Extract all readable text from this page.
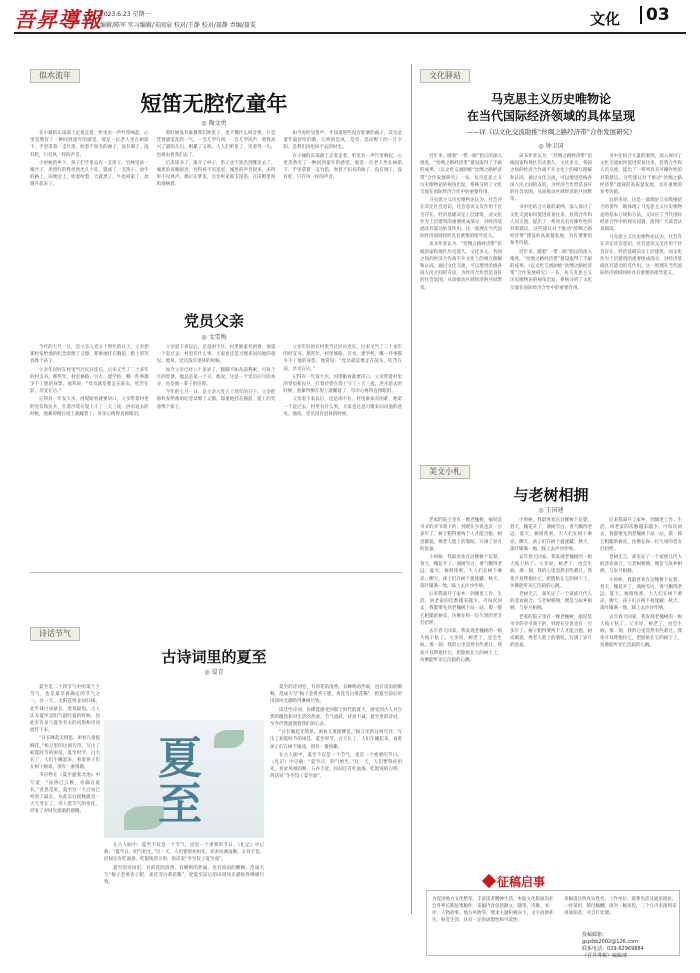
吾昇導報
2023.6.23 星期一
编辑/陈军 实习编辑/宋雨宸 校对/王静 校对/聂静 责编/聂雯	文化	03
似水流年
短笛无腔忆童年
◎ 陶文勇

在小城的东南部上走着走着，听见有一声竹笛响起，心里忽然有了一种回到童年的感觉。那是一位老人坐在树荫下，手里拿着一支竹笛，吹着不知名的曲子，没有调子，没有腔，只有风一样的声音。

小时候的乡下，孩子们手里总有一支笛子。竹林里砍一根竹子，用烧红的铁丝烫出几个孔，就成了一支笛子。放牛的路上，田埂边上，吹着吹着，天就黑了，牛也回家了，炊烟升起来了。

那时候没有谁教我们吹笛子，也不懂什么叫音律，只是凭着感觉乱吹一气，一会儿学鸟叫，一会儿学风声，吹得高兴了就唱几句，唱累了又吹。大人们听见了，笑着骂一句，也就由着我们去了。

后来读书了，离开了村子，笛子也不知丢到哪里去了。城里的夜晚很亮，亮得看不见星星；城里的声音很多，多得听不见风声。偶尔在梦里，还会听见那支短笛，在田野里呜呜地响着。

如今再听见笛声，才知道那些没有腔调的曲子，其实是童年最好听的歌。它吹的是风，是草，是田野上的一片夕阳，是我们再也回不去的时光。

在小城的东南部上走着走着，听见有一声竹笛响起，心里忽然有了一种回到童年的感觉。那是一位老人坐在树荫下，手里拿着一支竹笛，吹着不知名的曲子，没有调子，没有腔，只有风一样的声音。

党员父亲
◎ 文雪梅

今年的七月一日，是父亲入党五十周年的日子。父亲把那枚发给他的纪念章擦了又擦，郑重地挂在胸前，脸上的笑容像个孩子。

父亲年轻时在村里当过民兵连长，后来又当了二十多年的村支书。那些年，村里修路、引水、建学校，哪一件事都少不了他的身影。他常说：“党员就是要走在前头，吃苦在前，享受在后。”

记得有一年发大水，河堤眼看就要决口，父亲带着村里的党员和民兵，扛着沙袋在堤上守了三天三夜。洪水退去的时候，他累得倒在堤上就睡着了，母亲心疼得直掉眼泪。

父亲退下来以后，还是闲不住。村里谁家有困难，他第一个赶过去；村里有什么事，大家也还是习惯来问问他的意见。他说，党员没有退休的时候。

如今父亲已经八十多岁了，腿脚不如从前利索，可每个月的党费，他总是第一个交。他说，这是一个党员应尽的本分，也是他一辈子的信仰。

今年的七月一日，是父亲入党五十周年的日子。父亲把那枚发给他的纪念章擦了又擦，郑重地挂在胸前，脸上的笑容像个孩子。

父亲年轻时在村里当过民兵连长，后来又当了二十多年的村支书。那些年，村里修路、引水、建学校，哪一件事都少不了他的身影。他常说：“党员就是要走在前头，吃苦在前，享受在后。”

记得有一年发大水，河堤眼看就要决口，父亲带着村里的党员和民兵，扛着沙袋在堤上守了三天三夜。洪水退去的时候，他累得倒在堤上就睡着了，母亲心疼得直掉眼泪。

父亲退下来以后，还是闲不住。村里谁家有困难，他第一个赶过去；村里有什么事，大家也还是习惯来问问他的意见。他说，党员没有退休的时候。

诗话节气
古诗词里的夏至
◎ 晏青

夏至是二十四节气中的第十个节气，也是最早被确定的节气之一。这一天，太阳直射北回归线，北半球白昼最长，黑夜最短。古人认为夏至是阳气最旺盛的时候，因此有许多与夏至有关的风俗和诗词流传下来。

“日长睡起无情思，闲看儿童捉柳花。”杨万里的这两句诗，写出了初夏时节的闲适。夏至时节，白天长了，人们午睡起来，看着孩子们在树下嬉戏，别有一番情趣。

韦应物在《夏至避暑北池》中写道：“昼晷已云极，宵漏自此长。”意思是说，夏至这一天白昼已经到了最长，从此以后夜晚就会一天天变长了。诗人借节气的变化，抒发了对时光流逝的感慨。

夏至

在古人眼中，夏至不仅是一个节气，也是一个重要的节日。《礼记》中记载：“夏至日，阴气始生。”这一天，人们要祭祀祖先，祈求风调雨顺、五谷丰登。民间还有吃面条、吃馄饨的习俗，俗话说“冬至饺子夏至面”。

夏至的诗词里，有荷花的清香，有蝉鸣的热闹，也有雷雨的酣畅。范成大写“梅子金黄杏子肥，麦花雪白菜花稀”，把夏至前后的田园风光描绘得淋漓尽致。

夏至的诗词里，有荷花的清香，有蝉鸣的热闹，也有雷雨的酣畅。范成大写“梅子金黄杏子肥，麦花雪白菜花稀”，把夏至前后的田园风光描绘得淋漓尽致。

读这些诗词，仿佛能感受到那个时代的夏天，感受到古人对自然的敬畏和对生活的热爱。节气流转，诗意不减，夏至里的诗词，至今仍然滋润着我们的心灵。

“日长睡起无情思，闲看儿童捉柳花。”杨万里的这两句诗，写出了初夏时节的闲适。夏至时节，白天长了，人们午睡起来，看着孩子们在树下嬉戏，别有一番情趣。

在古人眼中，夏至不仅是一个节气，也是一个重要的节日。《礼记》中记载：“夏至日，阴气始生。”这一天，人们要祭祀祖先，祈求风调雨顺、五谷丰登。民间还有吃面条、吃馄饨的习俗，俗话说“冬至饺子夏至面”。

文化驿站
马克思主义历史唯物论
在当代国际经济领域的具体呈现
——评《以文化交流助推“丝绸之路经济带”合作发展研究》
◎ 钟卫国

近年来，随着“一带一路”倡议的深入推进，“丝绸之路经济带”建设取得了丰硕的成果。《以文化交流助推“丝绸之路经济带”合作发展研究》一书，从马克思主义历史唯物论的视角出发，系统分析了文化交流在国际经济合作中的重要作用。

马克思主义历史唯物论认为，社会存在决定社会意识，社会意识又反作用于社会存在。经济基础决定上层建筑，而文化作为上层建筑的重要组成部分，对经济基础具有能动的反作用。这一原理在当代国际经济领域同样具有重要的指导意义。

该书作者认为，“丝绸之路经济带”沿线国家和地区历史悠久、文化多元，各国之间的经济合作离不开文化上的相互理解和认同。通过文化交流，可以增进沿线各国人民之间的友谊，为经济合作营造良好的社会氛围，从而推动区域经济的共同繁荣。

该书作者认为，“丝绸之路经济带”沿线国家和地区历史悠久、文化多元，各国之间的经济合作离不开文化上的相互理解和认同。通过文化交流，可以增进沿线各国人民之间的友谊，为经济合作营造良好的社会氛围，从而推动区域经济的共同繁荣。

书中还结合大量的案例，深入探讨了文化交流如何促进贸易往来、投资合作和人员交流，提出了一系列具有可操作性的对策建议。这些建议对于推动“丝绸之路经济带”建设的高质量发展，具有重要的参考价值。

近年来，随着“一带一路”倡议的深入推进，“丝绸之路经济带”建设取得了丰硕的成果。《以文化交流助推“丝绸之路经济带”合作发展研究》一书，从马克思主义历史唯物论的视角出发，系统分析了文化交流在国际经济合作中的重要作用。

书中还结合大量的案例，深入探讨了文化交流如何促进贸易往来、投资合作和人员交流，提出了一系列具有可操作性的对策建议。这些建议对于推动“丝绸之路经济带”建设的高质量发展，具有重要的参考价值。

总的来说，这是一部理论与实践相结合的著作，既体现了马克思主义历史唯物论的基本立场和方法，又回应了当代国际经济合作中的现实问题，值得广大读者认真阅读。

马克思主义历史唯物论认为，社会存在决定社会意识，社会意识又反作用于社会存在。经济基础决定上层建筑，而文化作为上层建筑的重要组成部分，对经济基础具有能动的反作用。这一原理在当代国际经济领域同样具有重要的指导意义。

美文小札
与老树相拥
◎ 王国建

老家的院子里有一棵老槐树，据说是爷爷的爷爷栽下的，到现在少说也有一百多年了。树干粗得要两个人才能合抱，树皮皴裂，像老人脸上的皱纹，写满了岁月的沧桑。

小时候，我最喜欢在这棵树下玩耍。春天，槐花开了，满树雪白，香气飘得老远；夏天，树荫浓密，大人们在树下乘凉、聊天，孩子们在树下捉迷藏；秋天，落叶铺满一地，踩上去沙沙作响。

后来我离开了家乡，到城里工作、生活，回老家的次数越来越少。可每次回去，我都要先到老槐树下站一站，摸一摸它粗糙的树皮，仿佛在和一位久别的老友打招呼。

去年春天回家，我发现老槐树的一根大枝干枯了。父亲说，树老了，也会生病。那一刻，我的心里忽然有些难过。我张开双臂抱住它，把脸贴在它的树干上，仿佛能听见它沉稳的心跳。

小时候，我最喜欢在这棵树下玩耍。春天，槐花开了，满树雪白，香气飘得老远；夏天，树荫浓密，大人们在树下乘凉、聊天，孩子们在树下捉迷藏；秋天，落叶铺满一地，踩上去沙沙作响。

去年春天回家，我发现老槐树的一根大枝干枯了。父亲说，树老了，也会生病。那一刻，我的心里忽然有些难过。我张开双臂抱住它，把脸贴在它的树干上，仿佛能听见它沉稳的心跳。

老树无言，却见证了一个家族几代人的悲欢离合。与老树相拥，便是与故乡相拥，与岁月相拥。

老家的院子里有一棵老槐树，据说是爷爷的爷爷栽下的，到现在少说也有一百多年了。树干粗得要两个人才能合抱，树皮皴裂，像老人脸上的皱纹，写满了岁月的沧桑。

后来我离开了家乡，到城里工作、生活，回老家的次数越来越少。可每次回去，我都要先到老槐树下站一站，摸一摸它粗糙的树皮，仿佛在和一位久别的老友打招呼。

老树无言，却见证了一个家族几代人的悲欢离合。与老树相拥，便是与故乡相拥，与岁月相拥。

小时候，我最喜欢在这棵树下玩耍。春天，槐花开了，满树雪白，香气飘得老远；夏天，树荫浓密，大人们在树下乘凉、聊天，孩子们在树下捉迷藏；秋天，落叶铺满一地，踩上去沙沙作响。

去年春天回家，我发现老槐树的一根大枝干枯了。父亲说，树老了，也会生病。那一刻，我的心里忽然有些难过。我张开双臂抱住它，把脸贴在它的树干上，仿佛能听见它沉稳的心跳。

征稿启事
为促进地方文化繁荣，丰富读者精神生活，本报文化版面向社会各界长期征集稿件。来稿内容包括散文、随笔、诗歌、书评、人物故事、地方风物等，要求主题积极向上，文字清新朴实，贴近生活，具有一定的思想性和可读性。
来稿请注明真实姓名、工作单位、联系电话及通讯地址，一经采用，即付稿酬。请勿一稿多投，三个月内未接到采用通知者，可自行处理。
投稿邮箱：
gsjxbb2002@126.com
联系电话：029-62969884
《吾昇導報》编辑部
